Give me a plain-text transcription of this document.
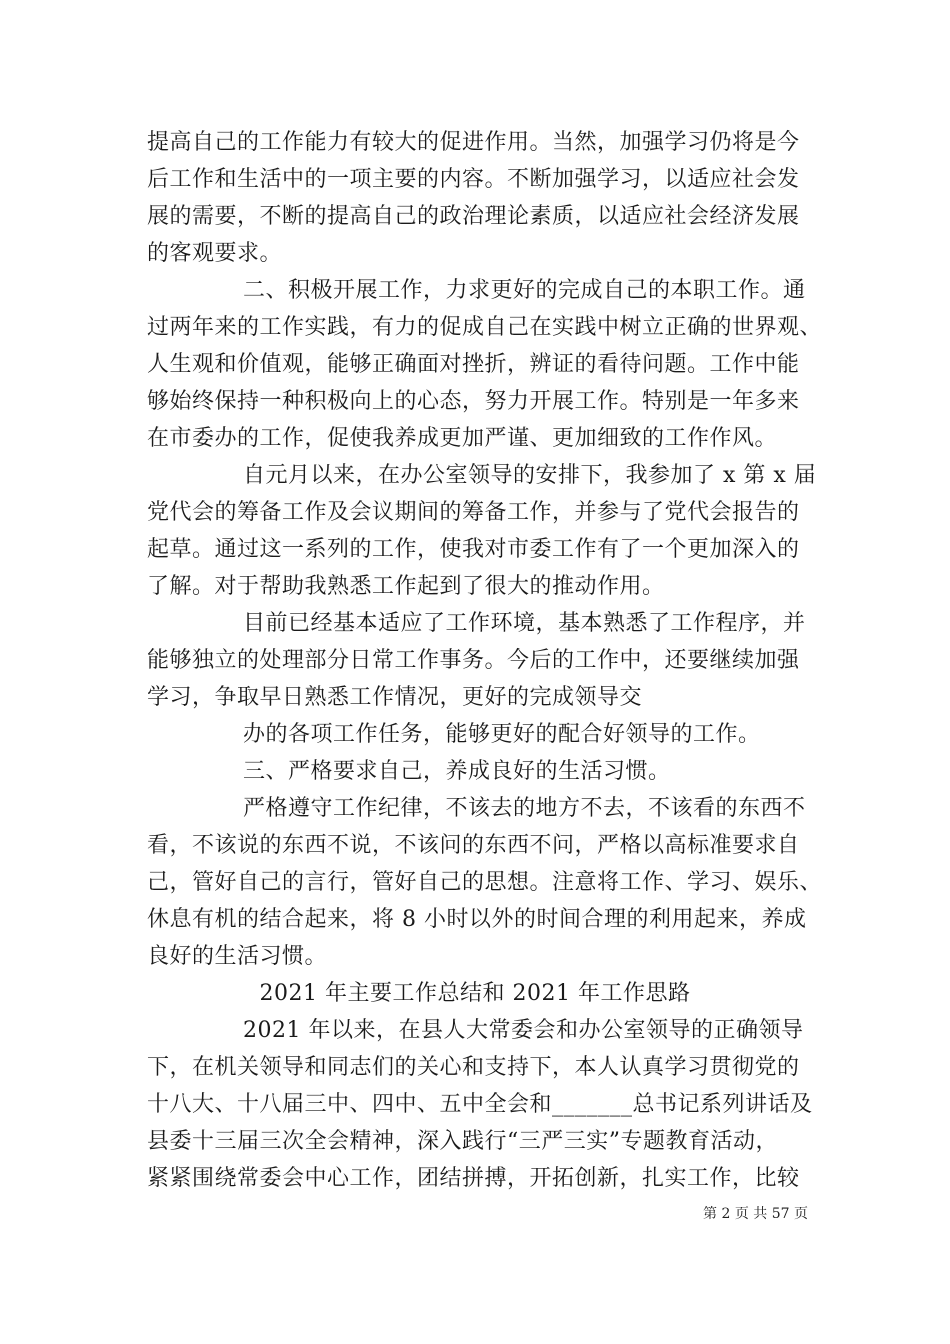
提高自己的工作能力有较大的促进作用。当然，加强学习仍将是今
后工作和生活中的一项主要的内容。不断加强学习，以适应社会发
展的需要，不断的提高自己的政治理论素质，以适应社会经济发展
的客观要求。
二、积极开展工作，力求更好的完成自己的本职工作。通
过两年来的工作实践，有力的促成自己在实践中树立正确的世界观、
人生观和价值观，能够正确面对挫折，辨证的看待问题。工作中能
够始终保持一种积极向上的心态，努力开展工作。特别是一年多来
在市委办的工作，促使我养成更加严谨、更加细致的工作作风。
自元月以来，在办公室领导的安排下，我参加了 x 第 x 届
党代会的筹备工作及会议期间的筹备工作，并参与了党代会报告的
起草。通过这一系列的工作，使我对市委工作有了一个更加深入的
了解。对于帮助我熟悉工作起到了很大的推动作用。
目前已经基本适应了工作环境，基本熟悉了工作程序，并
能够独立的处理部分日常工作事务。今后的工作中，还要继续加强
学习，争取早日熟悉工作情况，更好的完成领导交
办的各项工作任务，能够更好的配合好领导的工作。
三、严格要求自己，养成良好的生活习惯。
严格遵守工作纪律，不该去的地方不去，不该看的东西不
看，不该说的东西不说，不该问的东西不问，严格以高标准要求自
己，管好自己的言行，管好自己的思想。注意将工作、学习、娱乐、
休息有机的结合起来，将 8 小时以外的时间合理的利用起来，养成
良好的生活习惯。
2021 年主要工作总结和 2021 年工作思路
2021 年以来，在县人大常委会和办公室领导的正确领导
下，在机关领导和同志们的关心和支持下，本人认真学习贯彻党的
十八大、十八届三中、四中、五中全会和_______总书记系列讲话及
县委十三届三次全会精神，深入践行“三严三实”专题教育活动，
紧紧围绕常委会中心工作，团结拼搏，开拓创新，扎实工作，比较
第 2 页 共 57 页
